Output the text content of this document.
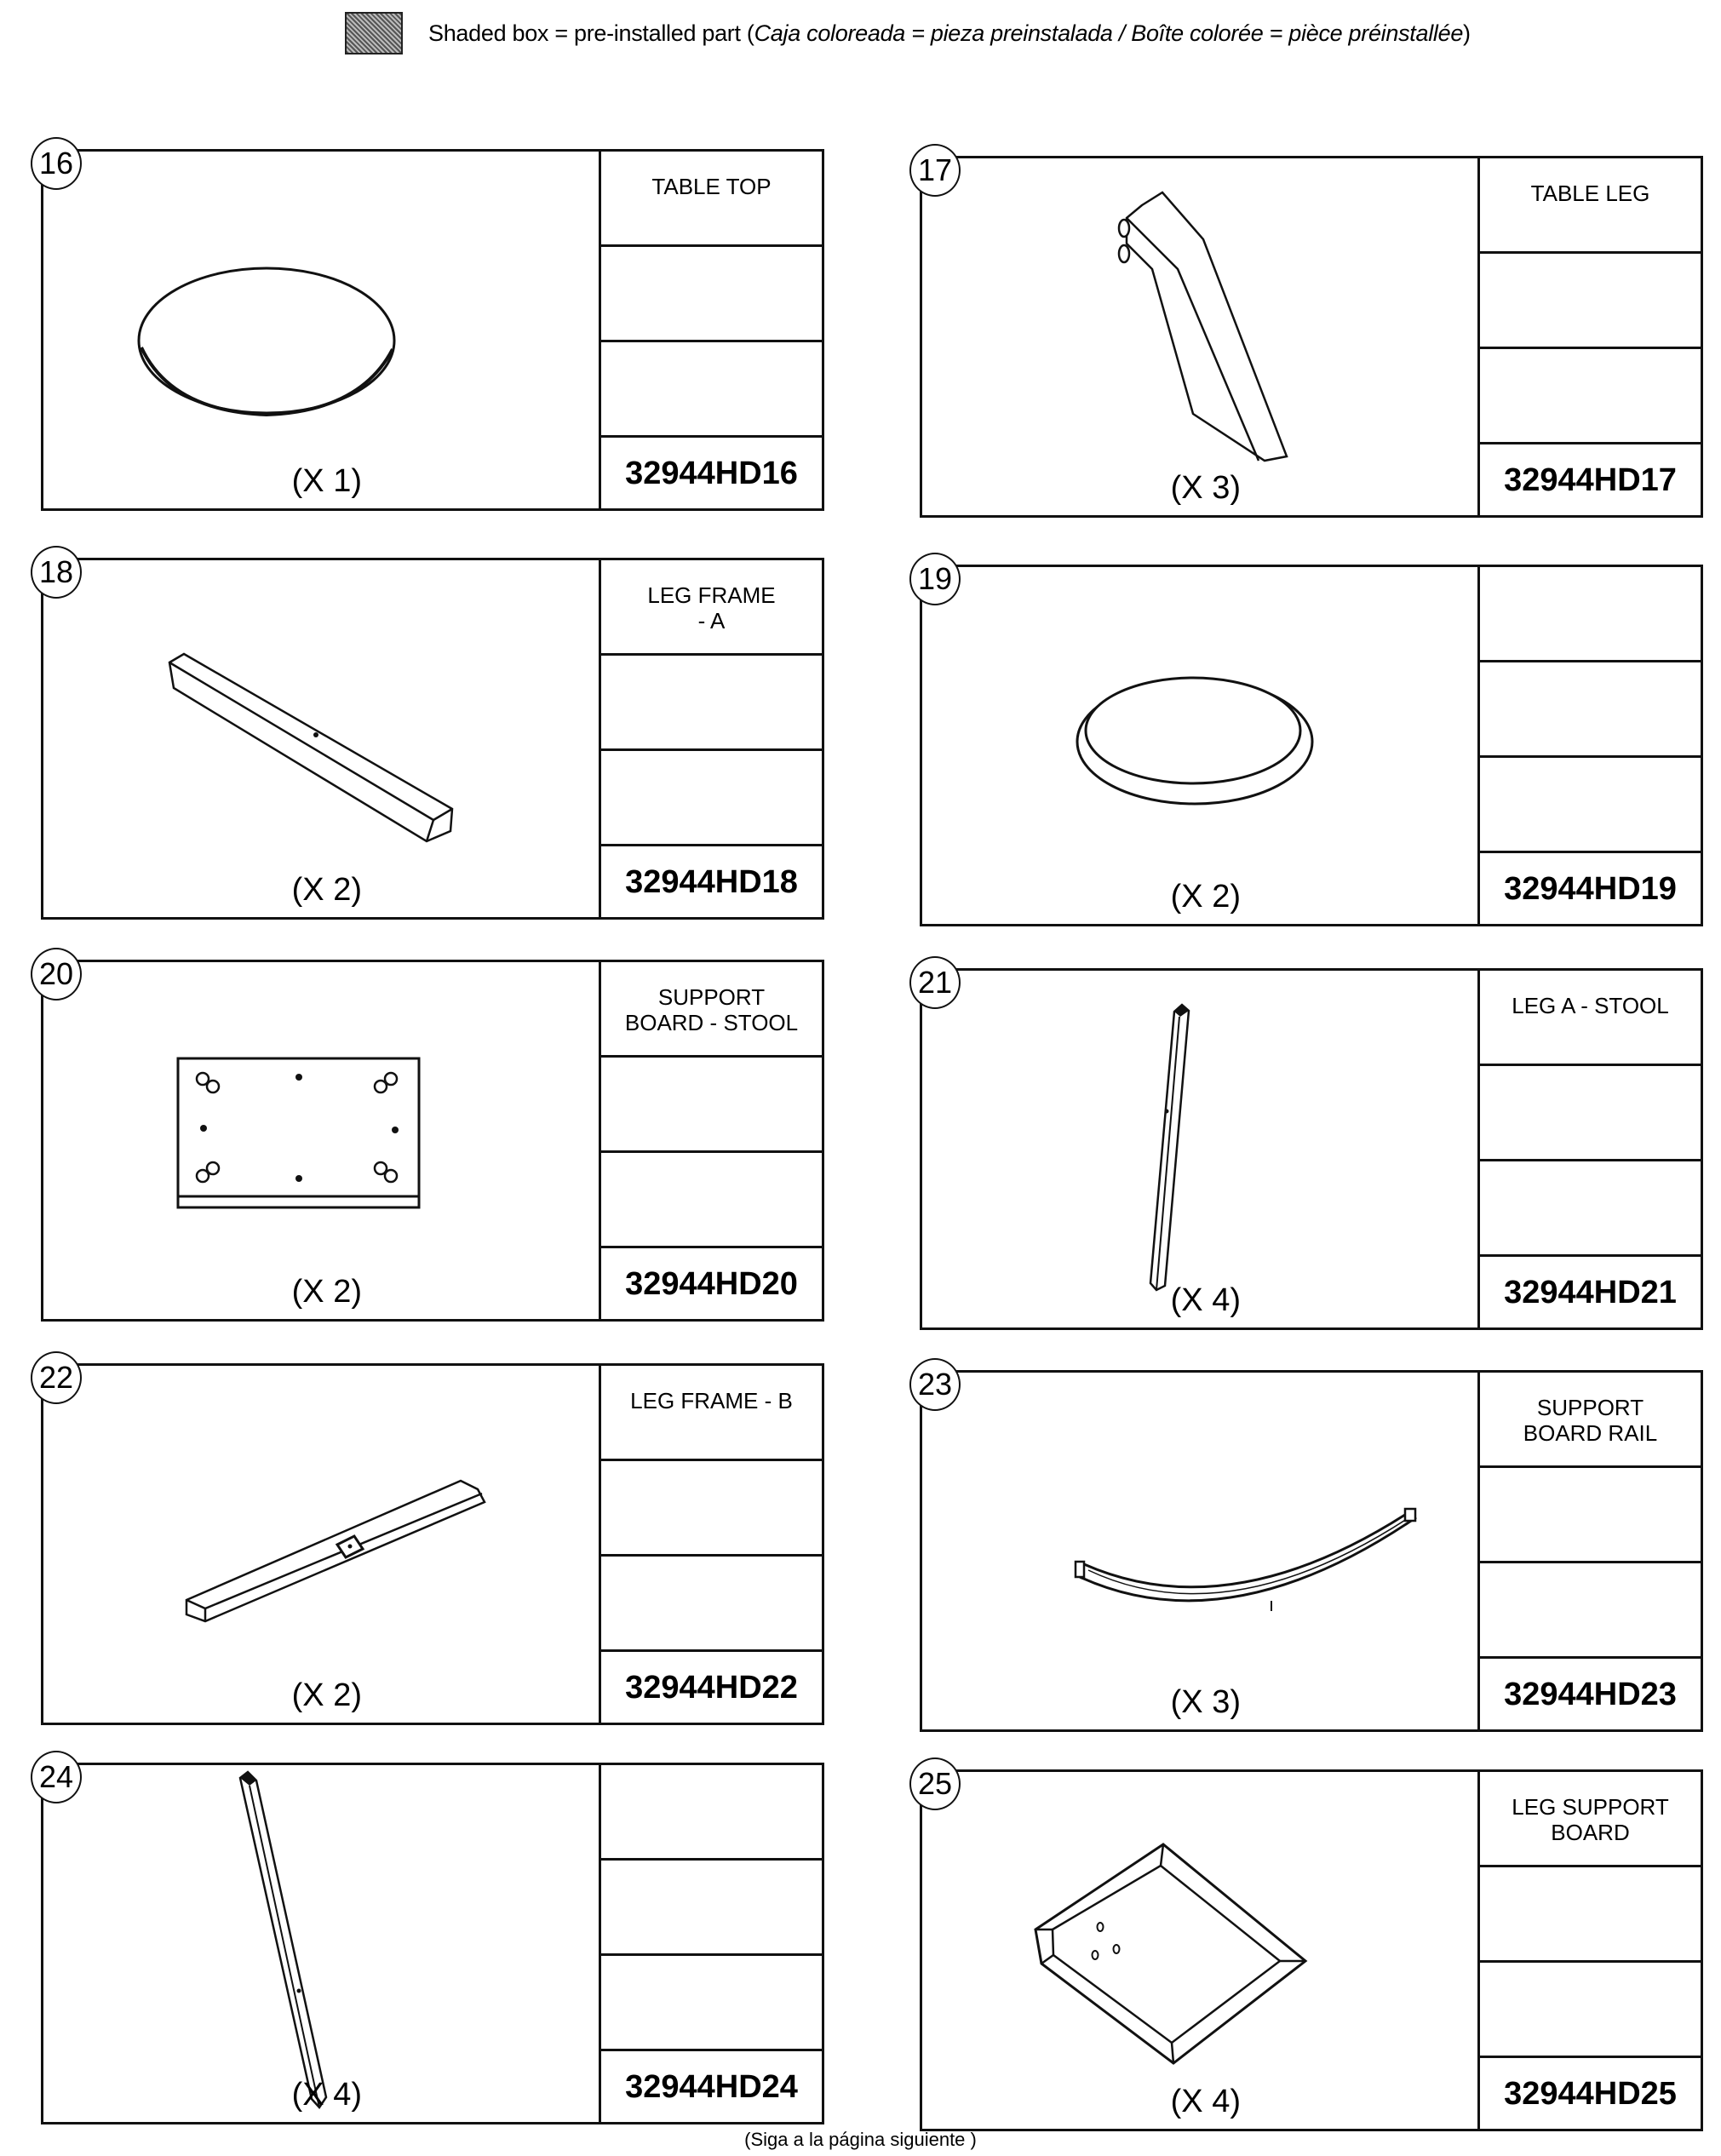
Shaded box = pre-installed part (Caja coloreada = pieza preinstalada / Boîte colorée = pièce préinstallée)
(X 1)
16
TABLE TOP
32944HD16	(X 3)
17
TABLE LEG
32944HD17
(X 2)
18
LEG FRAME
- A
32944HD18	(X 2)
19
32944HD19
(X 2)
20
SUPPORT
BOARD - STOOL
32944HD20	(X 4)
21
LEG A - STOOL
32944HD21
(X 2)
22
LEG FRAME - B
32944HD22	(X 3)
23
SUPPORT
BOARD RAIL
32944HD23
(X 4)
24
32944HD24	(X 4)
25
LEG SUPPORT
BOARD
32944HD25
(Siga a la página siguiente )
